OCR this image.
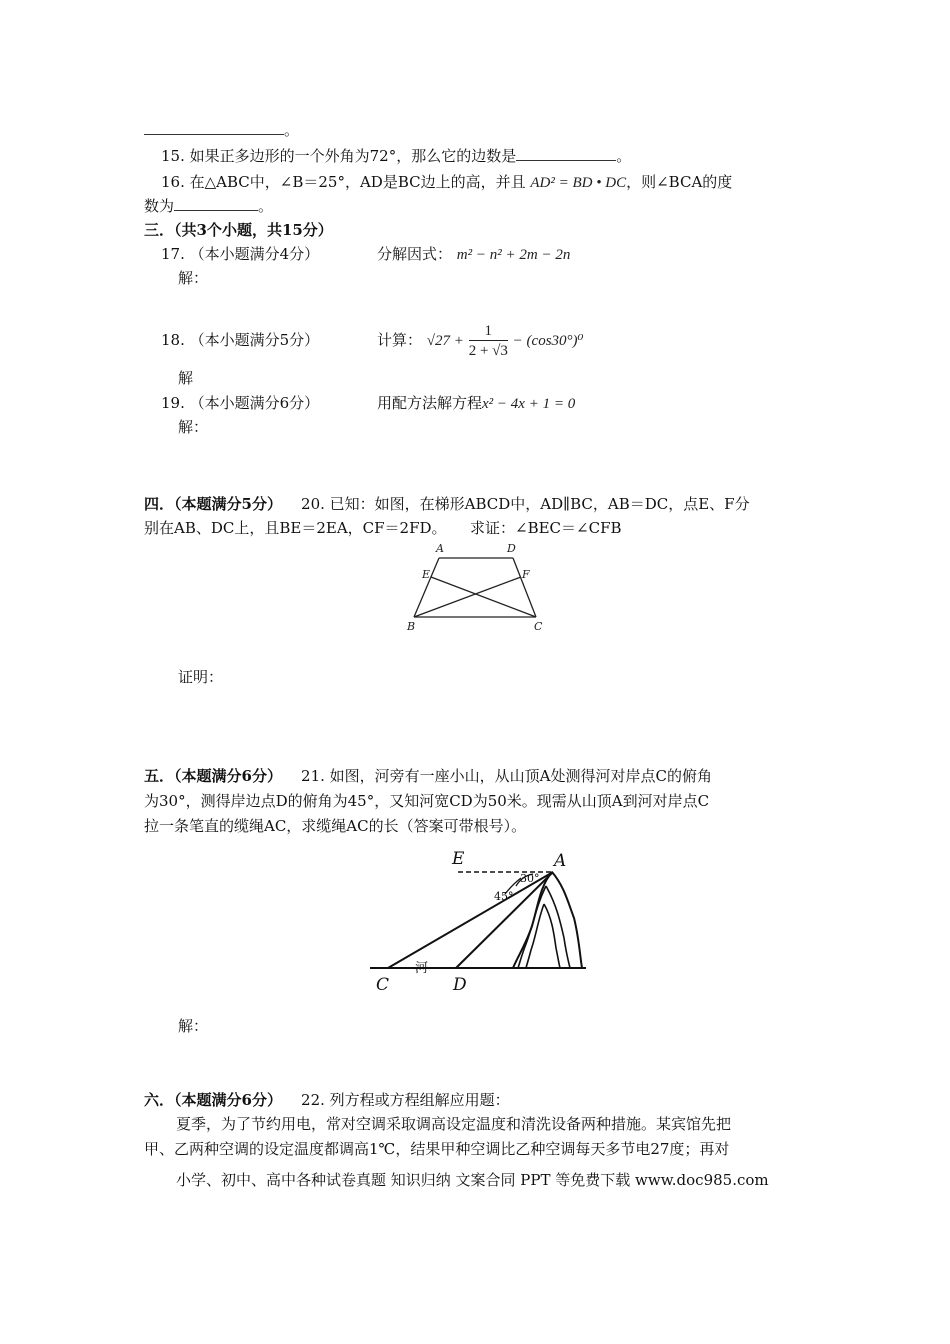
。
15. 如果正多边形的一个外角为72°，那么它的边数是	。
16. 在△ABC中，∠B＝25°，AD是BC边上的高，并且 AD² = BD • DC，则∠BCA的度
数为	。
三．（共3个小题，共15分）
17. （本小题满分4分）	分解因式： m² − n² + 2m − 2n
解：
18. （本小题满分5分）	计算： $√27 + \frac{1}{2 + √3} - (\cos 30^\circ)^0$
解
19. （本小题满分6分）	用配方法解方程x² − 4x + 1 = 0
解：
四．（本题满分5分） 20. 已知：如图，在梯形ABCD中，AD∥BC，AB＝DC，点E、F分
别在AB、DC上，且BE＝2EA，CF＝2FD。 求证：∠BEC＝∠CFB
A	D
E	F
B	C
证明：
五．（本题满分6分） 21. 如图，河旁有一座小山，从山顶A处测得河对岸点C的俯角
为30°，测得岸边点D的俯角为45°，又知河宽CD为50米。现需从山顶A到河对岸点C
拉一条笔直的缆绳AC，求缆绳AC的长（答案可带根号）。
E	A
30°
45°
C	D
河
解：
六．（本题满分6分） 22. 列方程或方程组解应用题：
夏季，为了节约用电，常对空调采取调高设定温度和清洗设备两种措施。某宾馆先把
甲、乙两种空调的设定温度都调高1℃，结果甲种空调比乙种空调每天多节电27度；再对
小学、初中、高中各种试卷真题 知识归纳 文案合同 PPT 等免费下载 www.doc985.com
